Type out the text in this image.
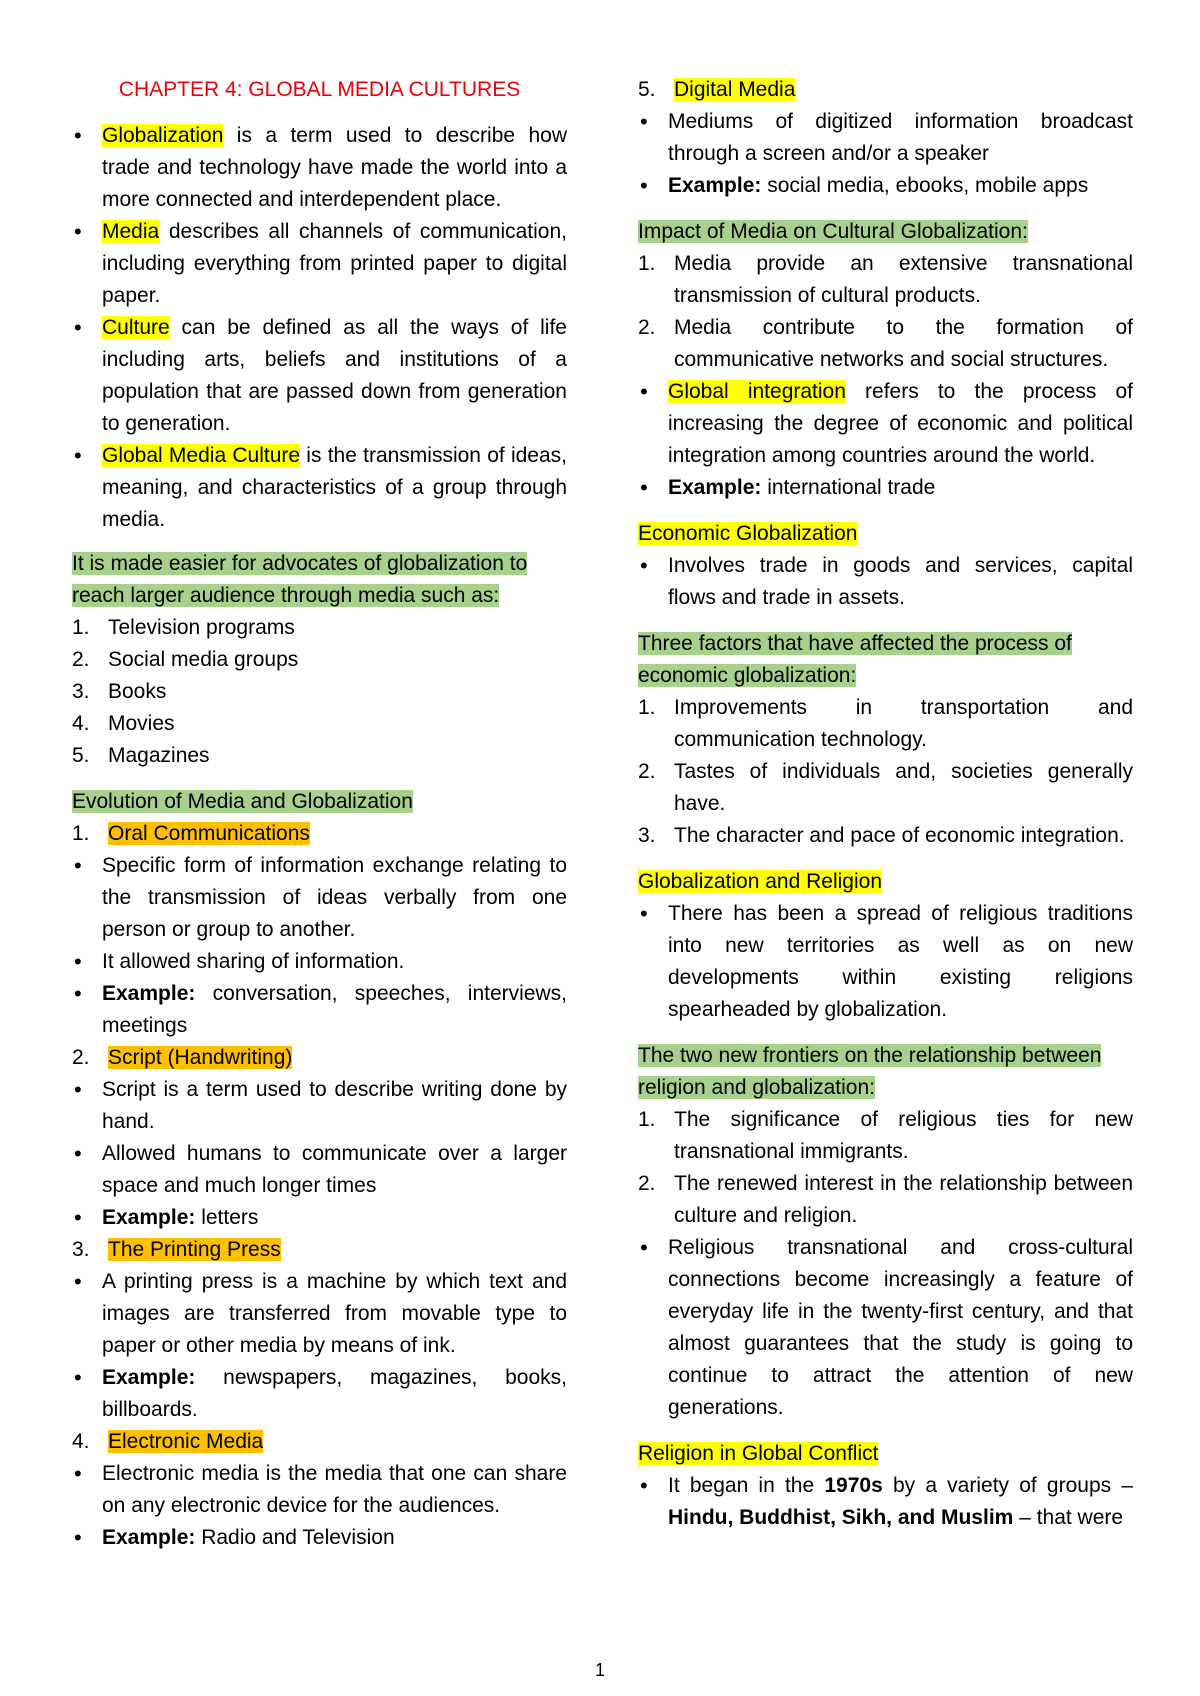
CHAPTER 4: GLOBAL MEDIA CULTURES
• Globalization is a term used to describe how trade and technology have made the world into a more connected and interdependent place.
• Media describes all channels of communication, including everything from printed paper to digital paper.
• Culture can be defined as all the ways of life including arts, beliefs and institutions of a population that are passed down from generation to generation.
• Global Media Culture is the transmission of ideas, meaning, and characteristics of a group through media.
It is made easier for advocates of globalization to reach larger audience through media such as:
1. Television programs
2. Social media groups
3. Books
4. Movies
5. Magazines
Evolution of Media and Globalization
1. Oral Communications
• Specific form of information exchange relating to the transmission of ideas verbally from one person or group to another.
• It allowed sharing of information.
• Example: conversation, speeches, interviews, meetings
2. Script (Handwriting)
• Script is a term used to describe writing done by hand.
• Allowed humans to communicate over a larger space and much longer times
• Example: letters
3. The Printing Press
• A printing press is a machine by which text and images are transferred from movable type to paper or other media by means of ink.
• Example: newspapers, magazines, books, billboards.
4. Electronic Media
• Electronic media is the media that one can share on any electronic device for the audiences.
• Example: Radio and Television
5. Digital Media
• Mediums of digitized information broadcast through a screen and/or a speaker
• Example: social media, ebooks, mobile apps
Impact of Media on Cultural Globalization:
1. Media provide an extensive transnational transmission of cultural products.
2. Media contribute to the formation of communicative networks and social structures.
• Global integration refers to the process of increasing the degree of economic and political integration among countries around the world.
• Example: international trade
Economic Globalization
• Involves trade in goods and services, capital flows and trade in assets.
Three factors that have affected the process of economic globalization:
1. Improvements in transportation and communication technology.
2. Tastes of individuals and, societies generally have.
3. The character and pace of economic integration.
Globalization and Religion
• There has been a spread of religious traditions into new territories as well as on new developments within existing religions spearheaded by globalization.
The two new frontiers on the relationship between religion and globalization:
1. The significance of religious ties for new transnational immigrants.
2. The renewed interest in the relationship between culture and religion.
• Religious transnational and cross-cultural connections become increasingly a feature of everyday life in the twenty-first century, and that almost guarantees that the study is going to continue to attract the attention of new generations.
Religion in Global Conflict
• It began in the 1970s by a variety of groups – Hindu, Buddhist, Sikh, and Muslim – that were
1
